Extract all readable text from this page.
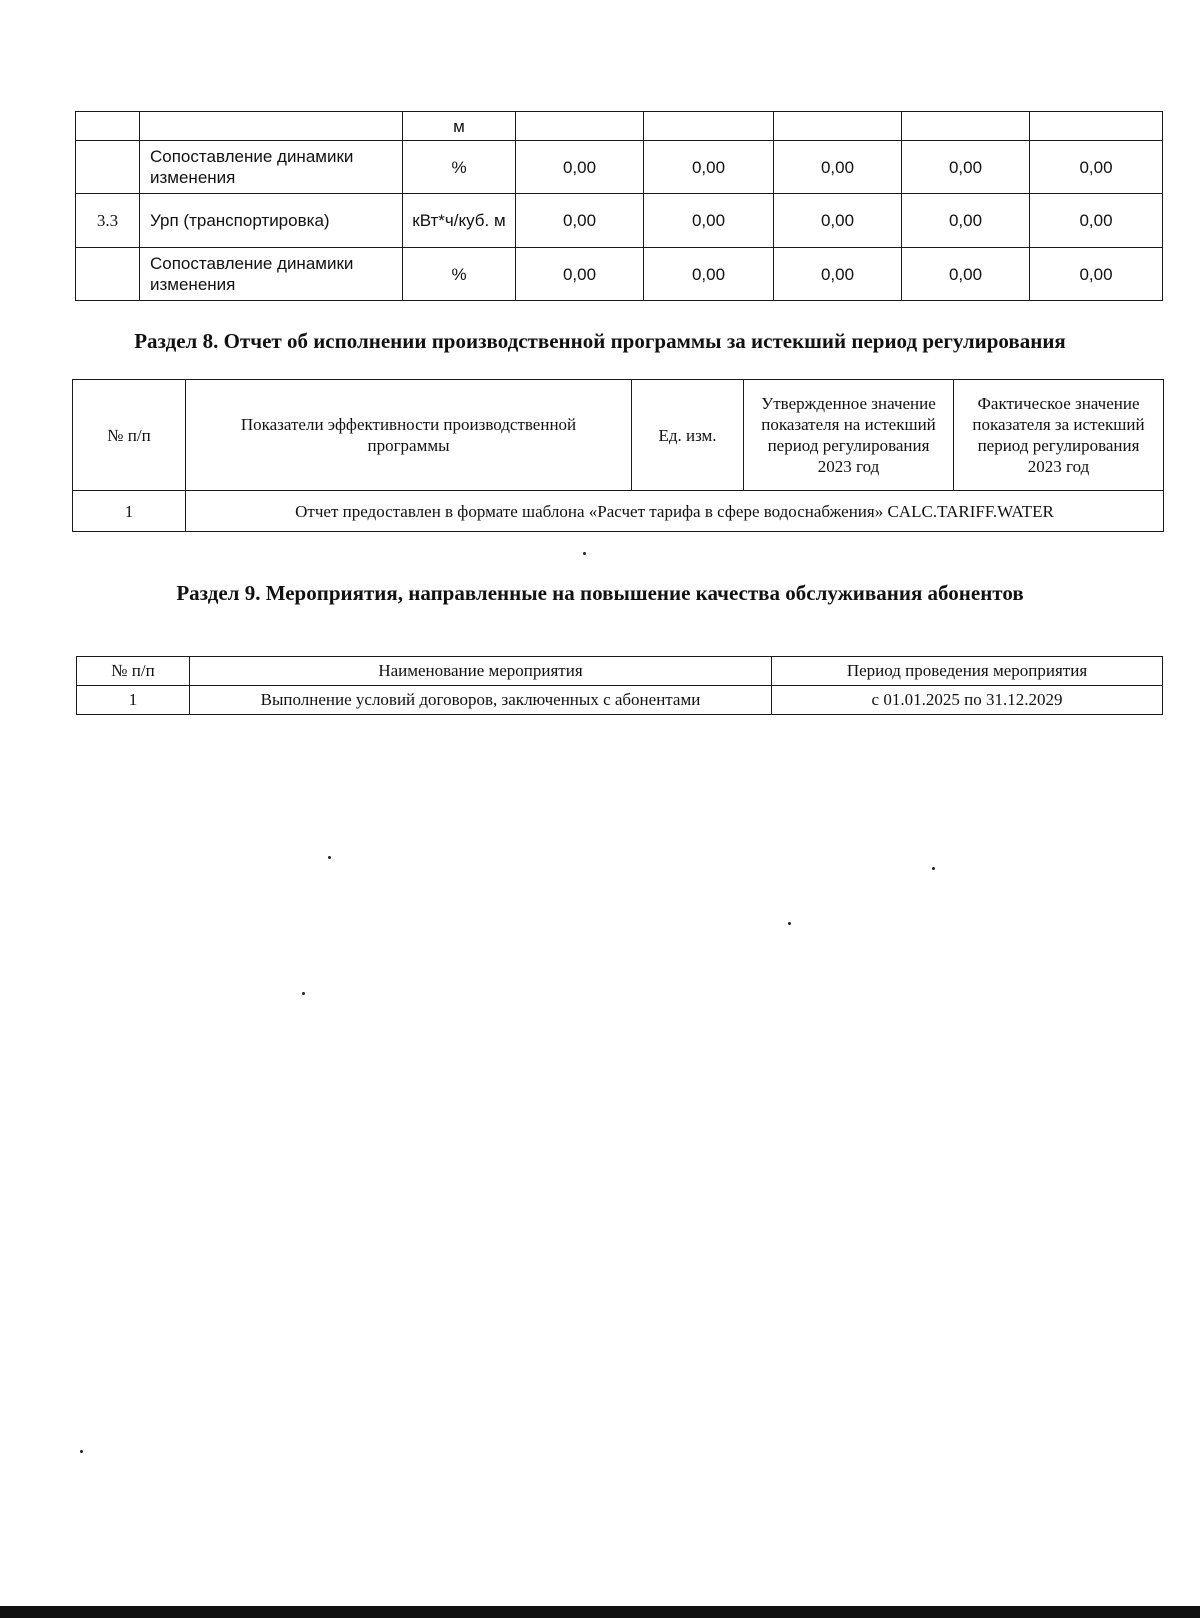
		м					
	Сопоставление динамики изменения	%	0,00	0,00	0,00	0,00	0,00
3.3	Урп (транспортировка)	кВт*ч/куб. м	0,00	0,00	0,00	0,00	0,00
	Сопоставление динамики изменения	%	0,00	0,00	0,00	0,00	0,00
Раздел 8. Отчет об исполнении производственной программы за истекший период регулирования
№ п/п	Показатели эффективности производственной программы	Ед. изм.	Утвержденное значение показателя на истекший период регулирования 2023 год	Фактическое значение показателя за истекший период регулирования 2023 год
1	Отчет предоставлен в формате шаблона «Расчет тарифа в сфере водоснабжения» CALC.TARIFF.WATER			
Раздел 9. Мероприятия, направленные на повышение качества обслуживания абонентов
№ п/п	Наименование мероприятия	Период проведения мероприятия
1	Выполнение условий договоров, заключенных с абонентами	с 01.01.2025 по 31.12.2029
